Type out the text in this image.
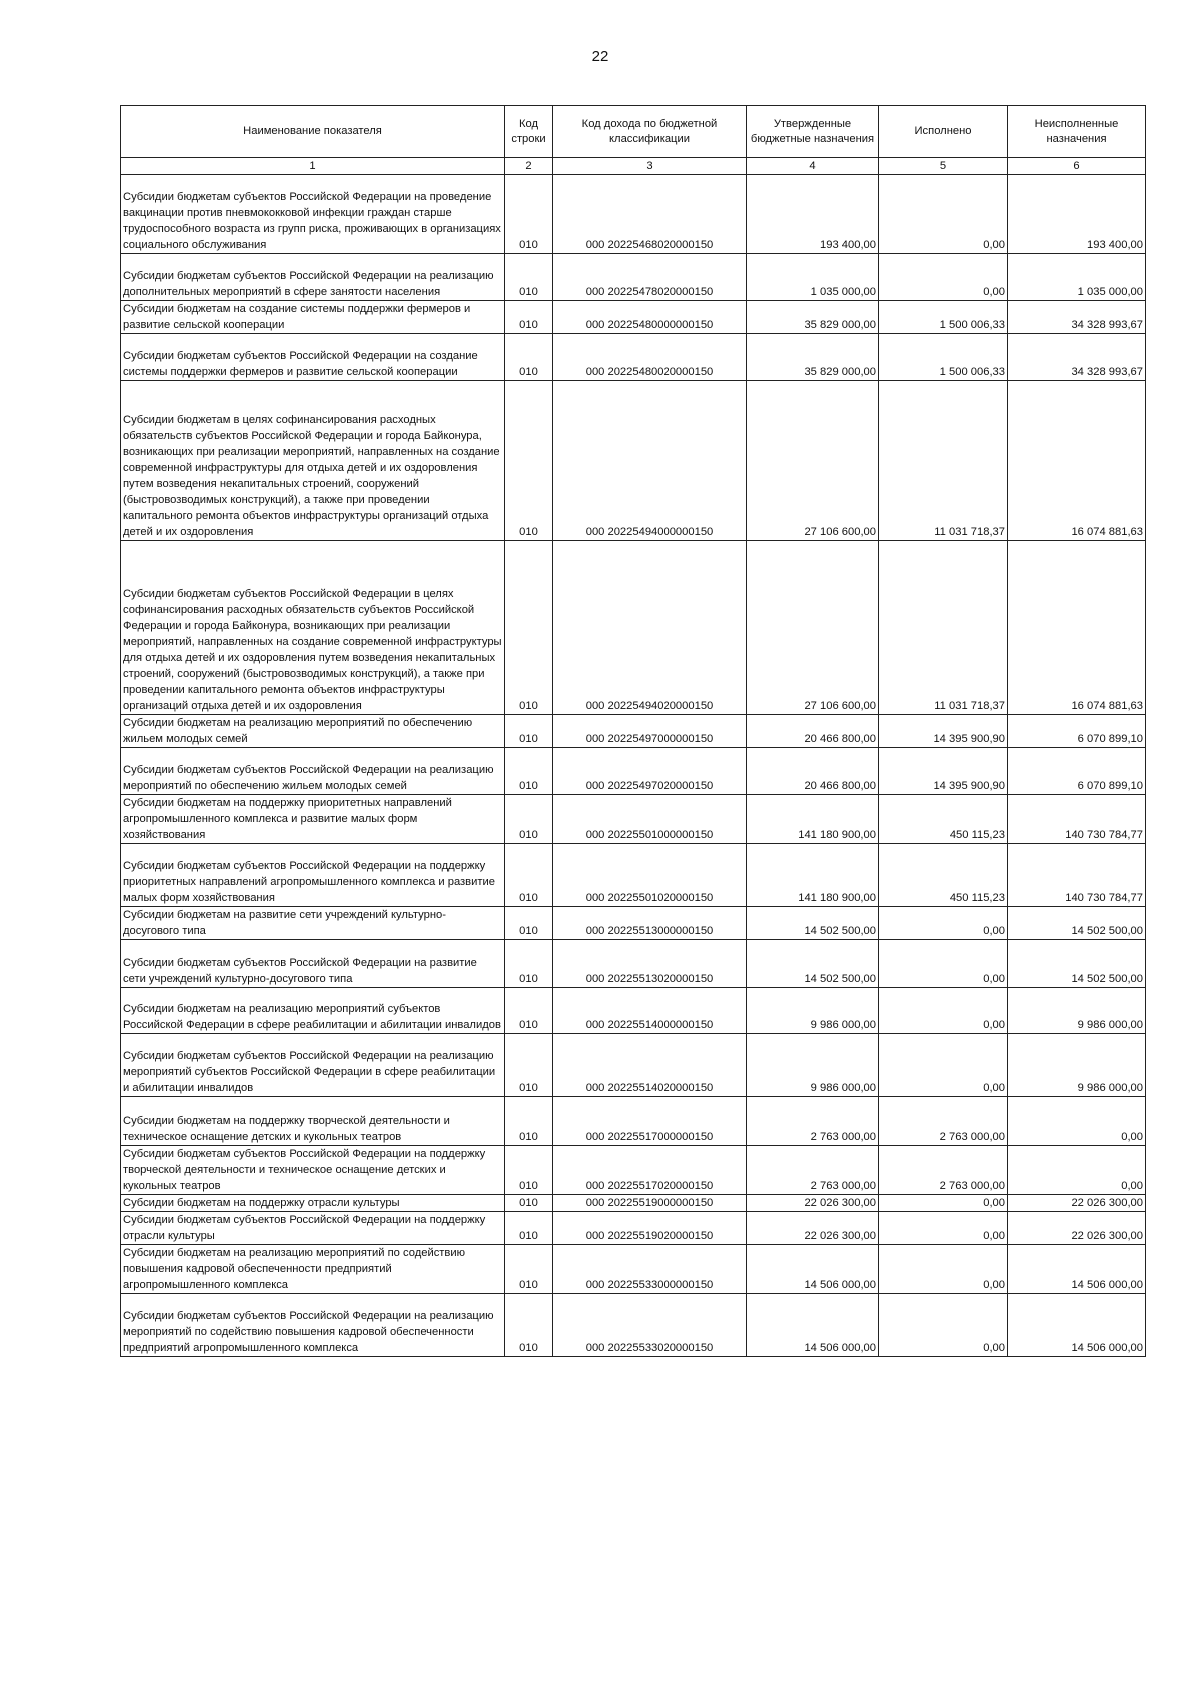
22
Наименование показателя	Код строки	Код дохода по бюджетной классификации	Утвержденные бюджетные назначения	Исполнено	Неисполненные назначения
1	2	3	4	5	6
Субсидии бюджетам субъектов Российской Федерации на проведение вакцинации против пневмококковой инфекции граждан старше трудоспособного возраста из групп риска, проживающих в организациях социального обслуживания	010	000 20225468020000150	193 400,00	0,00	193 400,00
Субсидии бюджетам субъектов Российской Федерации на реализацию дополнительных мероприятий в сфере занятости населения	010	000 20225478020000150	1 035 000,00	0,00	1 035 000,00
Субсидии бюджетам на создание системы поддержки фермеров и развитие сельской кооперации	010	000 20225480000000150	35 829 000,00	1 500 006,33	34 328 993,67
Субсидии бюджетам субъектов Российской Федерации на создание системы поддержки фермеров и развитие сельской кооперации	010	000 20225480020000150	35 829 000,00	1 500 006,33	34 328 993,67
Субсидии бюджетам в целях софинансирования расходных обязательств субъектов Российской Федерации и города Байконура, возникающих при реализации мероприятий, направленных на создание современной инфраструктуры для отдыха детей и их оздоровления путем возведения некапитальных строений, сооружений (быстровозводимых конструкций), а также при проведении капитального ремонта объектов инфраструктуры организаций отдыха детей и их оздоровления	010	000 20225494000000150	27 106 600,00	11 031 718,37	16 074 881,63
Субсидии бюджетам субъектов Российской Федерации в целях софинансирования расходных обязательств субъектов Российской Федерации и города Байконура, возникающих при реализации мероприятий, направленных на создание современной инфраструктуры для отдыха детей и их оздоровления путем возведения некапитальных строений, сооружений (быстровозводимых конструкций), а также при проведении капитального ремонта объектов инфраструктуры организаций отдыха детей и их оздоровления	010	000 20225494020000150	27 106 600,00	11 031 718,37	16 074 881,63
Субсидии бюджетам на реализацию мероприятий по обеспечению жильем молодых семей	010	000 20225497000000150	20 466 800,00	14 395 900,90	6 070 899,10
Субсидии бюджетам субъектов Российской Федерации на реализацию мероприятий по обеспечению жильем молодых семей	010	000 20225497020000150	20 466 800,00	14 395 900,90	6 070 899,10
Субсидии бюджетам на поддержку приоритетных направлений агропромышленного комплекса и развитие малых форм хозяйствования	010	000 20225501000000150	141 180 900,00	450 115,23	140 730 784,77
Субсидии бюджетам субъектов Российской Федерации на поддержку приоритетных направлений агропромышленного комплекса и развитие малых форм хозяйствования	010	000 20225501020000150	141 180 900,00	450 115,23	140 730 784,77
Субсидии бюджетам на развитие сети учреждений культурно-досугового типа	010	000 20225513000000150	14 502 500,00	0,00	14 502 500,00
Субсидии бюджетам субъектов Российской Федерации на развитие сети учреждений культурно-досугового типа	010	000 20225513020000150	14 502 500,00	0,00	14 502 500,00
Субсидии бюджетам на реализацию мероприятий субъектов Российской Федерации в сфере реабилитации и абилитации инвалидов	010	000 20225514000000150	9 986 000,00	0,00	9 986 000,00
Субсидии бюджетам субъектов Российской Федерации на реализацию мероприятий субъектов Российской Федерации в сфере реабилитации и абилитации инвалидов	010	000 20225514020000150	9 986 000,00	0,00	9 986 000,00
Субсидии бюджетам на поддержку творческой деятельности и техническое оснащение детских и кукольных театров	010	000 20225517000000150	2 763 000,00	2 763 000,00	0,00
Субсидии бюджетам субъектов Российской Федерации на поддержку творческой деятельности и техническое оснащение детских и кукольных театров	010	000 20225517020000150	2 763 000,00	2 763 000,00	0,00
Субсидии бюджетам на поддержку отрасли культуры	010	000 20225519000000150	22 026 300,00	0,00	22 026 300,00
Субсидии бюджетам субъектов Российской Федерации на поддержку отрасли культуры	010	000 20225519020000150	22 026 300,00	0,00	22 026 300,00
Субсидии бюджетам на реализацию мероприятий по содействию повышения кадровой обеспеченности предприятий агропромышленного комплекса	010	000 20225533000000150	14 506 000,00	0,00	14 506 000,00
Субсидии бюджетам субъектов Российской Федерации на реализацию мероприятий по содействию повышения кадровой обеспеченности предприятий агропромышленного комплекса	010	000 20225533020000150	14 506 000,00	0,00	14 506 000,00
